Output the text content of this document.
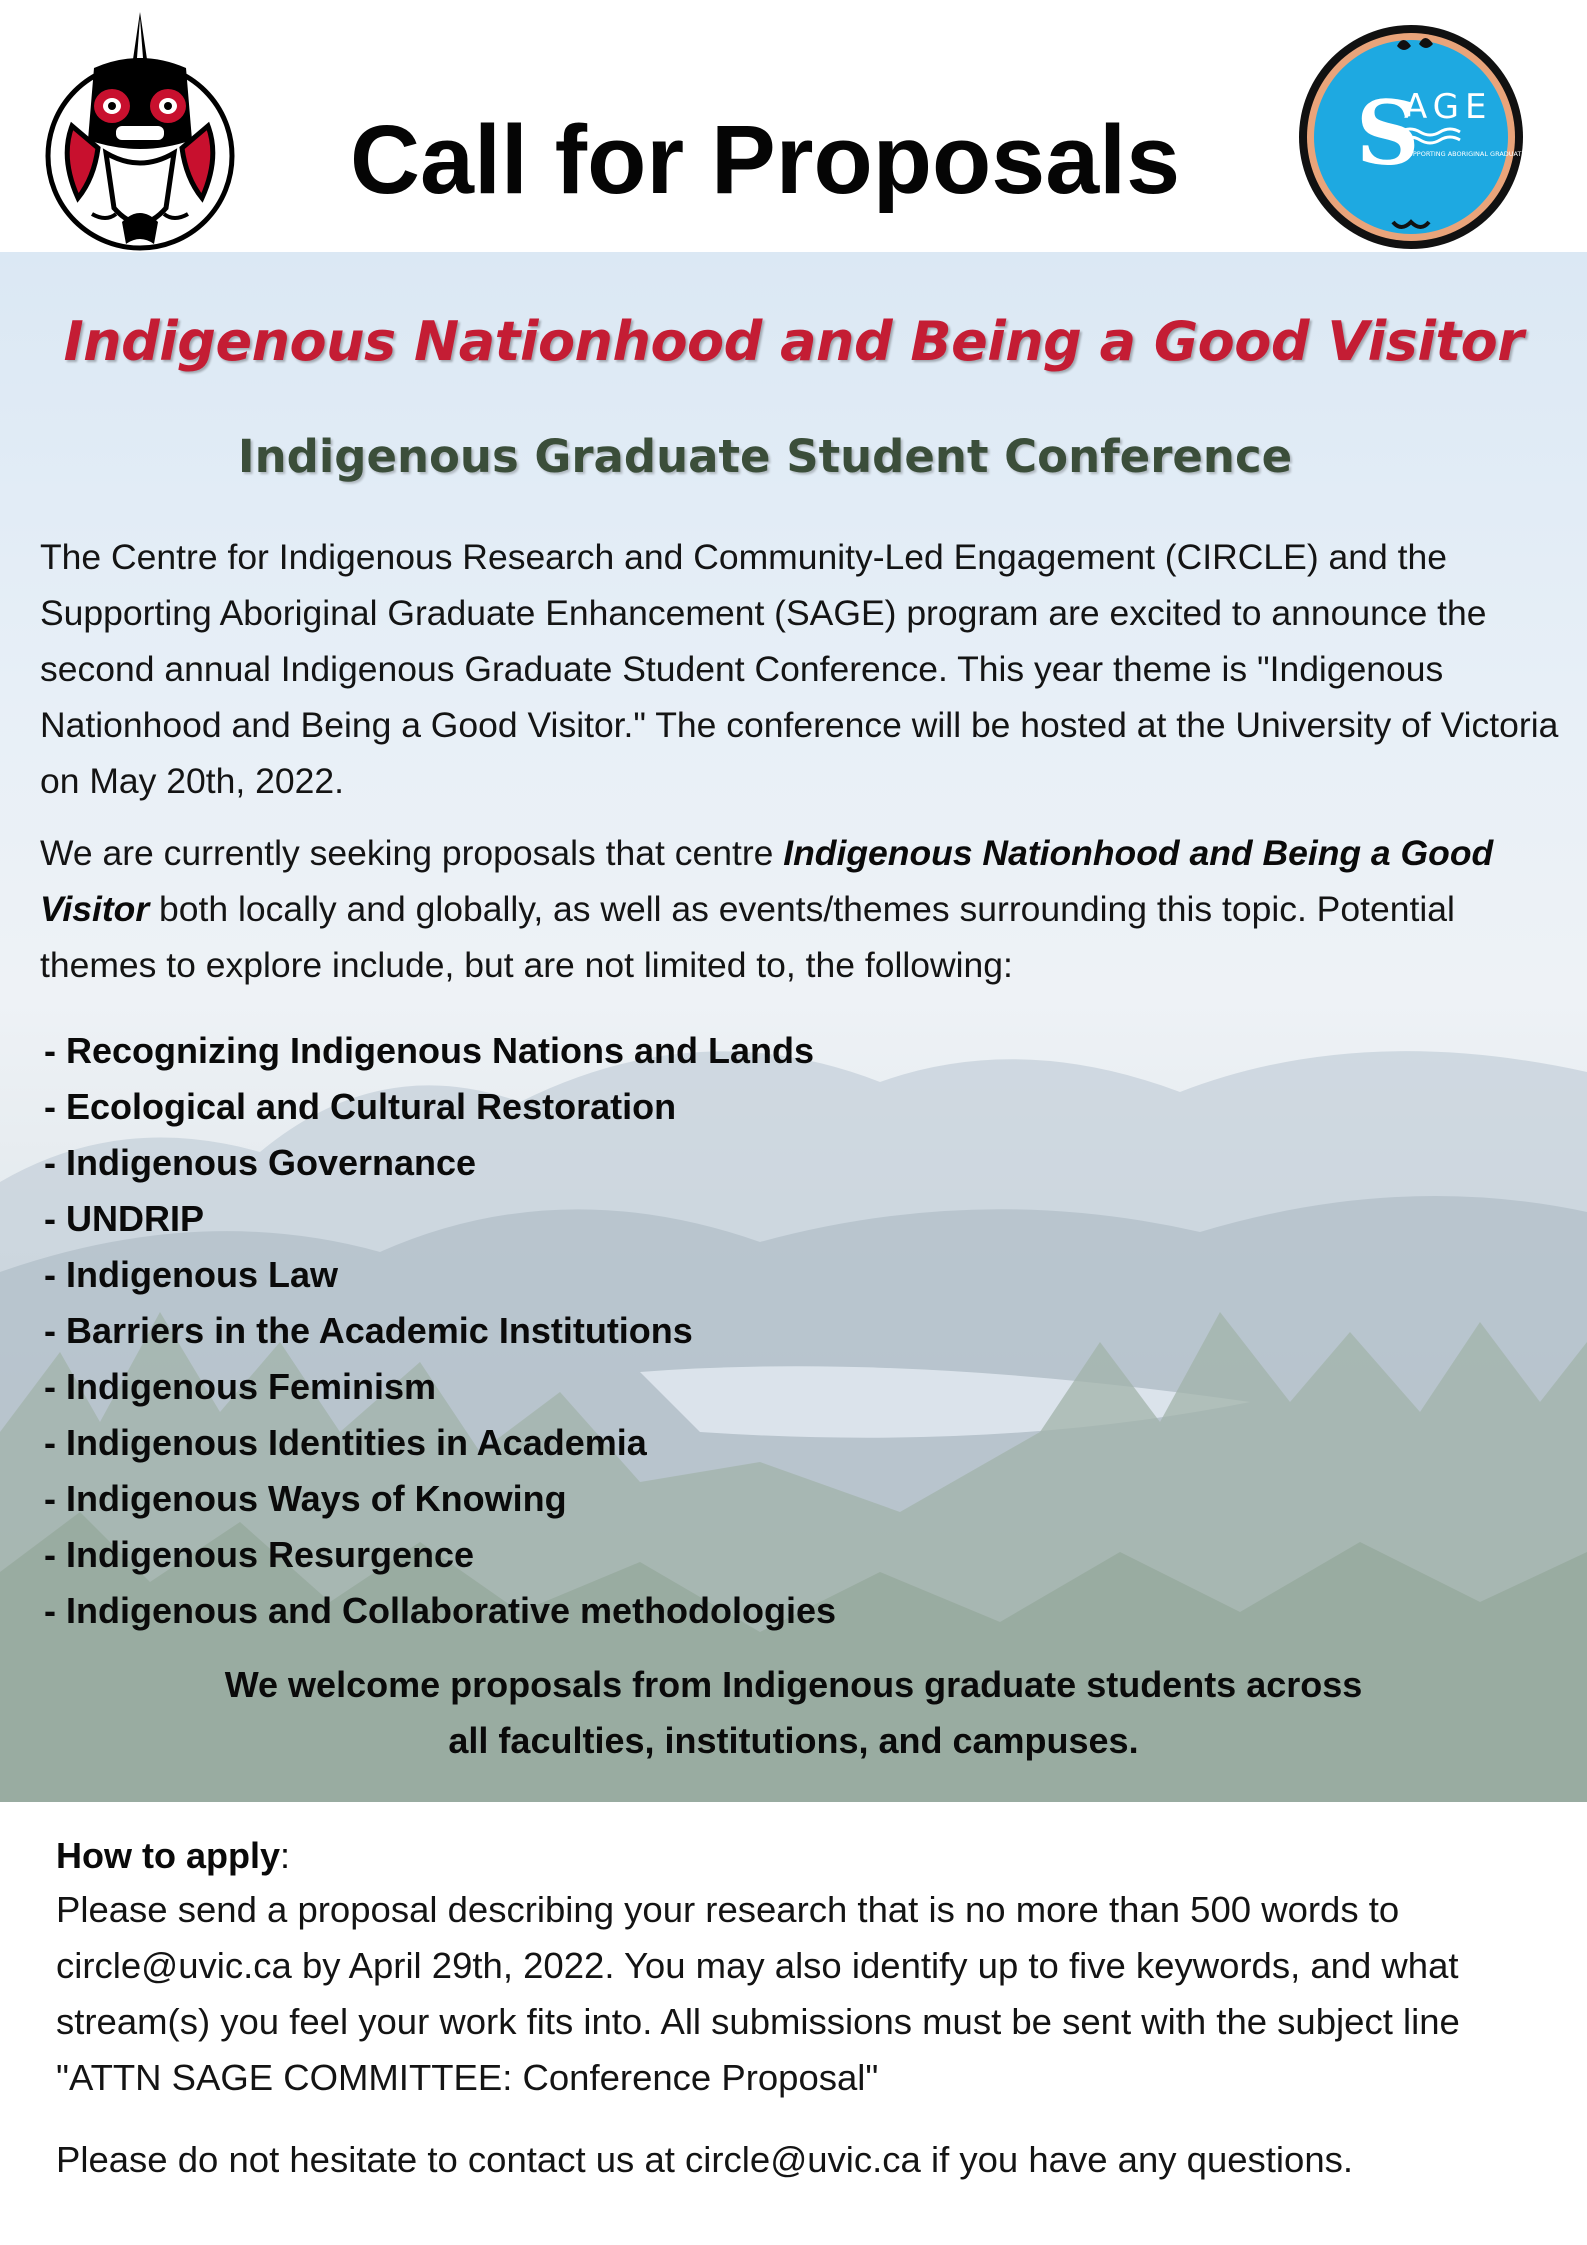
Call for Proposals	S
AGE
SUPPORTING ABORIGINAL GRADUATE ENHANCEMENT
Indigenous Nationhood and Being a Good Visitor
Indigenous Graduate Student Conference

The Centre for Indigenous Research and Community-Led Engagement (CIRCLE) and the Supporting Aboriginal Graduate Enhancement (SAGE) program are excited to announce the second annual Indigenous Graduate Student Conference. This year theme is "Indigenous Nationhood and Being a Good Visitor." The conference will be hosted at the University of Victoria on May 20th, 2022.

We are currently seeking proposals that centre Indigenous Nationhood and Being a Good Visitor both locally and globally, as well as events/themes surrounding this topic. Potential themes to explore include, but are not limited to, the following:

- Recognizing Indigenous Nations and Lands
- Ecological and Cultural Restoration
- Indigenous Governance
- UNDRIP
- Indigenous Law
- Barriers in the Academic Institutions
- Indigenous Feminism
- Indigenous Identities in Academia
- Indigenous Ways of Knowing
- Indigenous Resurgence
- Indigenous and Collaborative methodologies
We welcome proposals from Indigenous graduate students across
all faculties, institutions, and campuses.
How to apply:

Please send a proposal describing your research that is no more than 500 words to circle@uvic.ca by April 29th, 2022. You may also identify up to five keywords, and what stream(s) you feel your work fits into. All submissions must be sent with the subject line "ATTN SAGE COMMITTEE: Conference Proposal"

Please do not hesitate to contact us at circle@uvic.ca if you have any questions.
